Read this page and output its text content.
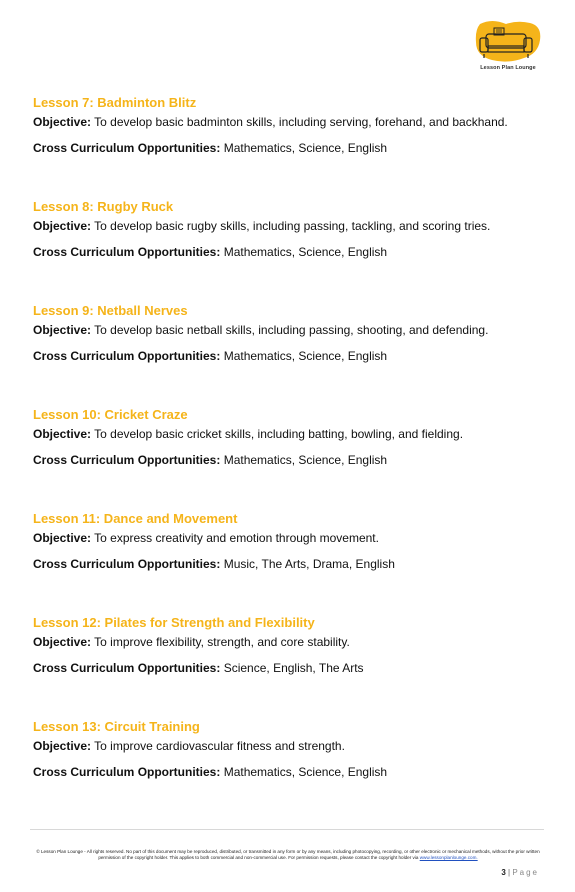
Lesson Plan Lounge
Lesson 7: Badminton Blitz
Objective: To develop basic badminton skills, including serving, forehand, and backhand.
Cross Curriculum Opportunities: Mathematics, Science, English
Lesson 8: Rugby Ruck
Objective: To develop basic rugby skills, including passing, tackling, and scoring tries.
Cross Curriculum Opportunities: Mathematics, Science, English
Lesson 9: Netball Nerves
Objective: To develop basic netball skills, including passing, shooting, and defending.
Cross Curriculum Opportunities: Mathematics, Science, English
Lesson 10: Cricket Craze
Objective: To develop basic cricket skills, including batting, bowling, and fielding.
Cross Curriculum Opportunities: Mathematics, Science, English
Lesson 11: Dance and Movement
Objective: To express creativity and emotion through movement.
Cross Curriculum Opportunities: Music, The Arts, Drama, English
Lesson 12: Pilates for Strength and Flexibility
Objective: To improve flexibility, strength, and core stability.
Cross Curriculum Opportunities: Science, English, The Arts
Lesson 13: Circuit Training
Objective: To improve cardiovascular fitness and strength.
Cross Curriculum Opportunities: Mathematics, Science, English
© Lesson Plan Lounge - All rights reserved. No part of this document may be reproduced, distributed, or transmitted in any form or by any means, including photocopying, recording, or other electronic or mechanical methods, without the prior written permission of the copyright holder. This applies to both commercial and non-commercial use. For permission requests, please contact the copyright holder via www.lessonplanlounge.com.
3 | Page
